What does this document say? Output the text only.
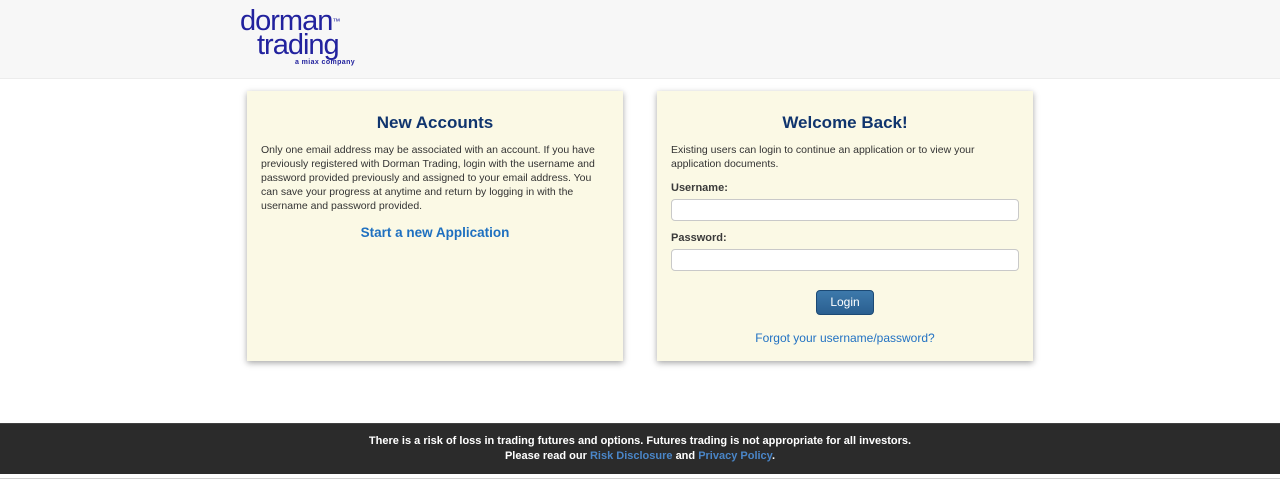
dorman™
trading
a miax company
New Accounts

Only one email address may be associated with an account. If you have previously registered with Dorman Trading, login with the username and password provided previously and assigned to your email address. You can save your progress at anytime and return by logging in with the username and password provided.

Start a new Application
Welcome Back!

Existing users can login to continue an application or to view your application documents.

Username:
Password:
Login
Forgot your username/password?
There is a risk of loss in trading futures and options. Futures trading is not appropriate for all investors.
Please read our Risk Disclosure and Privacy Policy.
